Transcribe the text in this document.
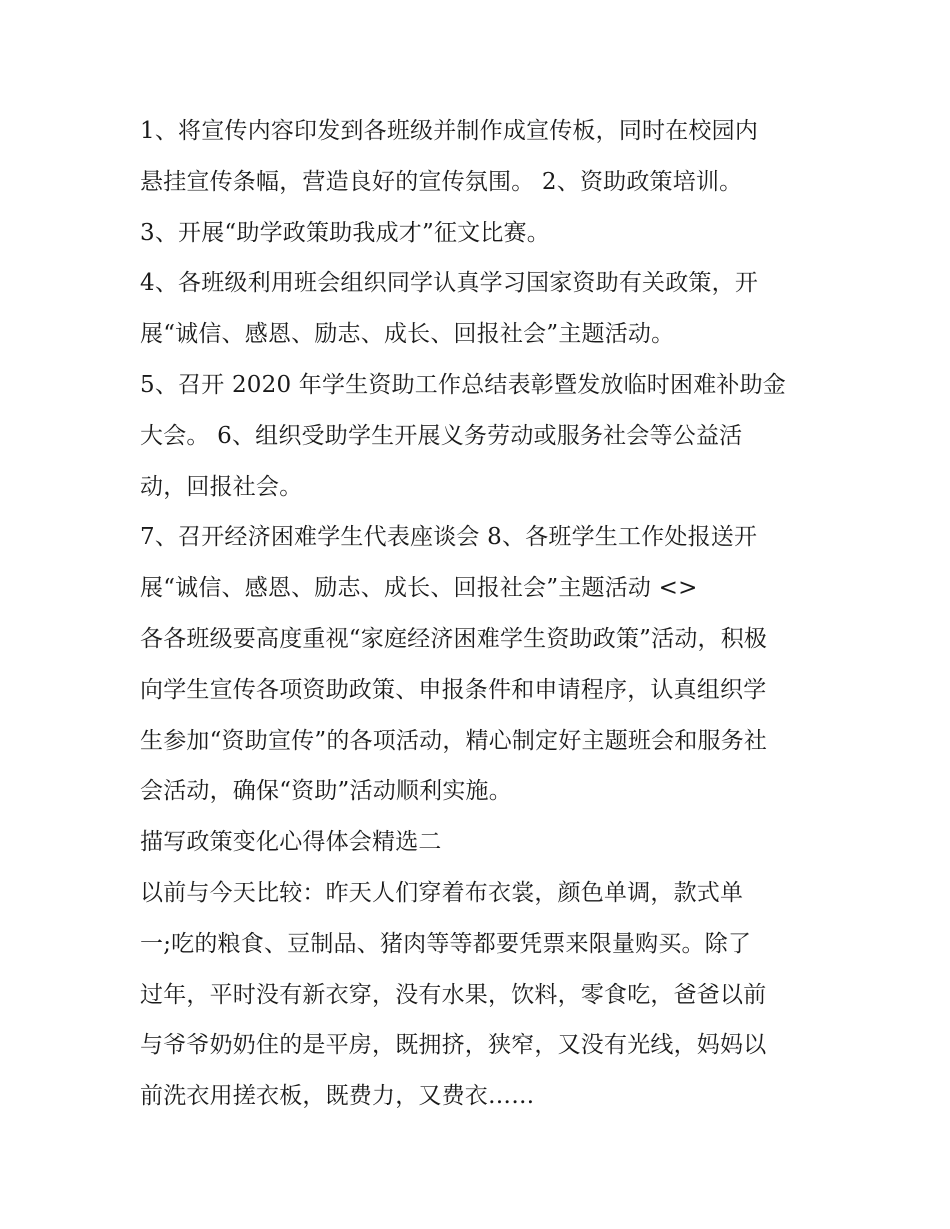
1、将宣传内容印发到各班级并制作成宣传板，同时在校园内
悬挂宣传条幅，营造良好的宣传氛围。 2、资助政策培训。
3、开展“助学政策助我成才”征文比赛。
4、各班级利用班会组织同学认真学习国家资助有关政策，开
展“诚信、感恩、励志、成长、回报社会”主题活动。
5、召开 2020 年学生资助工作总结表彰暨发放临时困难补助金
大会。 6、组织受助学生开展义务劳动或服务社会等公益活
动，回报社会。
7、召开经济困难学生代表座谈会 8、各班学生工作处报送开
展“诚信、感恩、励志、成长、回报社会”主题活动 <>
各各班级要高度重视“家庭经济困难学生资助政策”活动，积极
向学生宣传各项资助政策、申报条件和申请程序，认真组织学
生参加“资助宣传”的各项活动，精心制定好主题班会和服务社
会活动，确保“资助”活动顺利实施。
描写政策变化心得体会精选二
以前与今天比较：昨天人们穿着布衣裳，颜色单调，款式单
一;吃的粮食、豆制品、猪肉等等都要凭票来限量购买。除了
过年，平时没有新衣穿，没有水果，饮料，零食吃，爸爸以前
与爷爷奶奶住的是平房，既拥挤，狭窄，又没有光线，妈妈以
前洗衣用搓衣板，既费力，又费衣……
